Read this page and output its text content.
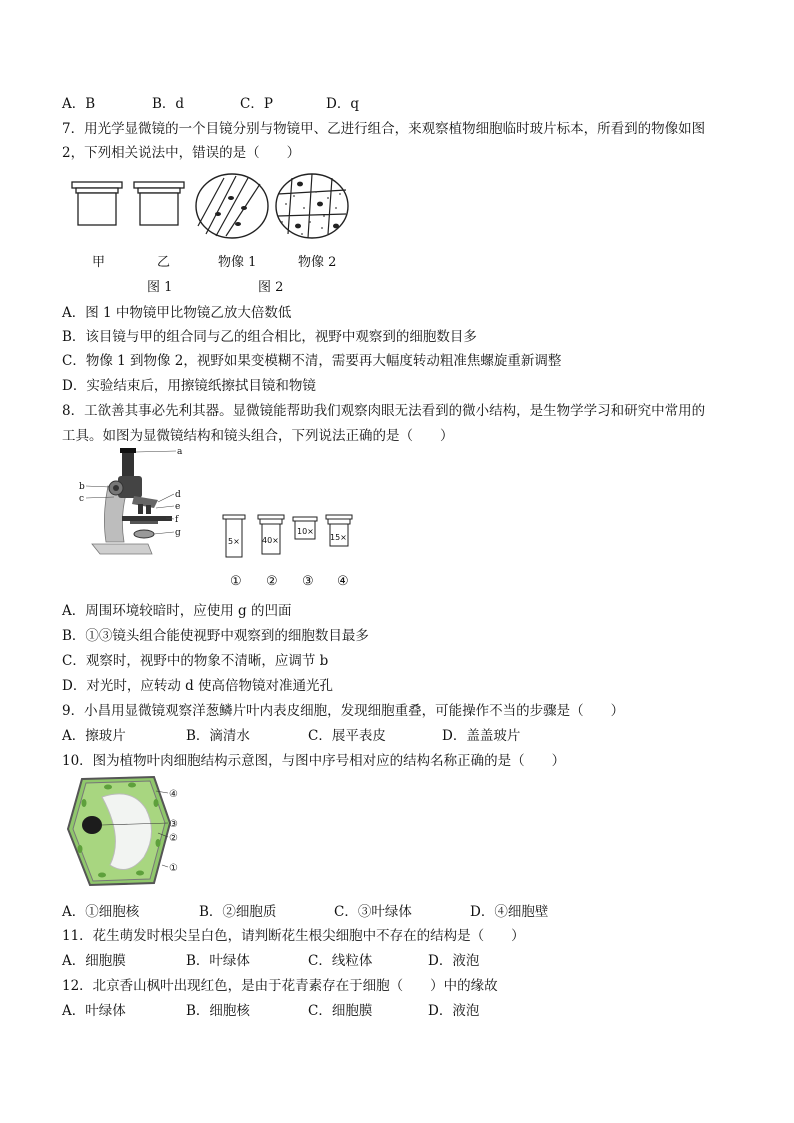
A．B	B．d	C．P	D．q
7．用光学显微镜的一个目镜分别与物镜甲、乙进行组合，来观察植物细胞临时玻片标本，所看到的物像如图
2，下列相关说法中，错误的是（　　）
甲	乙	物像 1	物像 2
图 1	图 2
A．图 1 中物镜甲比物镜乙放大倍数低
B．该目镜与甲的组合同与乙的组合相比，视野中观察到的细胞数目多
C．物像 1 到物像 2，视野如果变模糊不清，需要再大幅度转动粗准焦螺旋重新调整
D．实验结束后，用擦镜纸擦拭目镜和物镜
8．工欲善其事必先利其器。显微镜能帮助我们观察肉眼无法看到的微小结构，是生物学学习和研究中常用的
工具。如图为显微镜结构和镜头组合，下列说法正确的是（　　）
a
b
c	d
e
f
g
5×	40×
10×
15×
① ② ③ ④
A．周围环境较暗时，应使用 g 的凹面
B．①③镜头组合能使视野中观察到的细胞数目最多
C．观察时，视野中的物象不清晰，应调节 b
D．对光时，应转动 d 使高倍物镜对准通光孔
9．小昌用显微镜观察洋葱鳞片叶内表皮细胞，发现细胞重叠，可能操作不当的步骤是（　　）
A．擦玻片	B．滴清水	C．展平表皮	D．盖盖玻片
10．图为植物叶肉细胞结构示意图，与图中序号相对应的结构名称正确的是（　　）
④
③
②
①
A．①细胞核	B．②细胞质	C．③叶绿体	D．④细胞壁
11．花生萌发时根尖呈白色，请判断花生根尖细胞中不存在的结构是（　　）
A．细胞膜	B．叶绿体	C．线粒体	D．液泡
12．北京香山枫叶出现红色，是由于花青素存在于细胞（　　）中的缘故
A．叶绿体	B．细胞核	C．细胞膜	D．液泡
